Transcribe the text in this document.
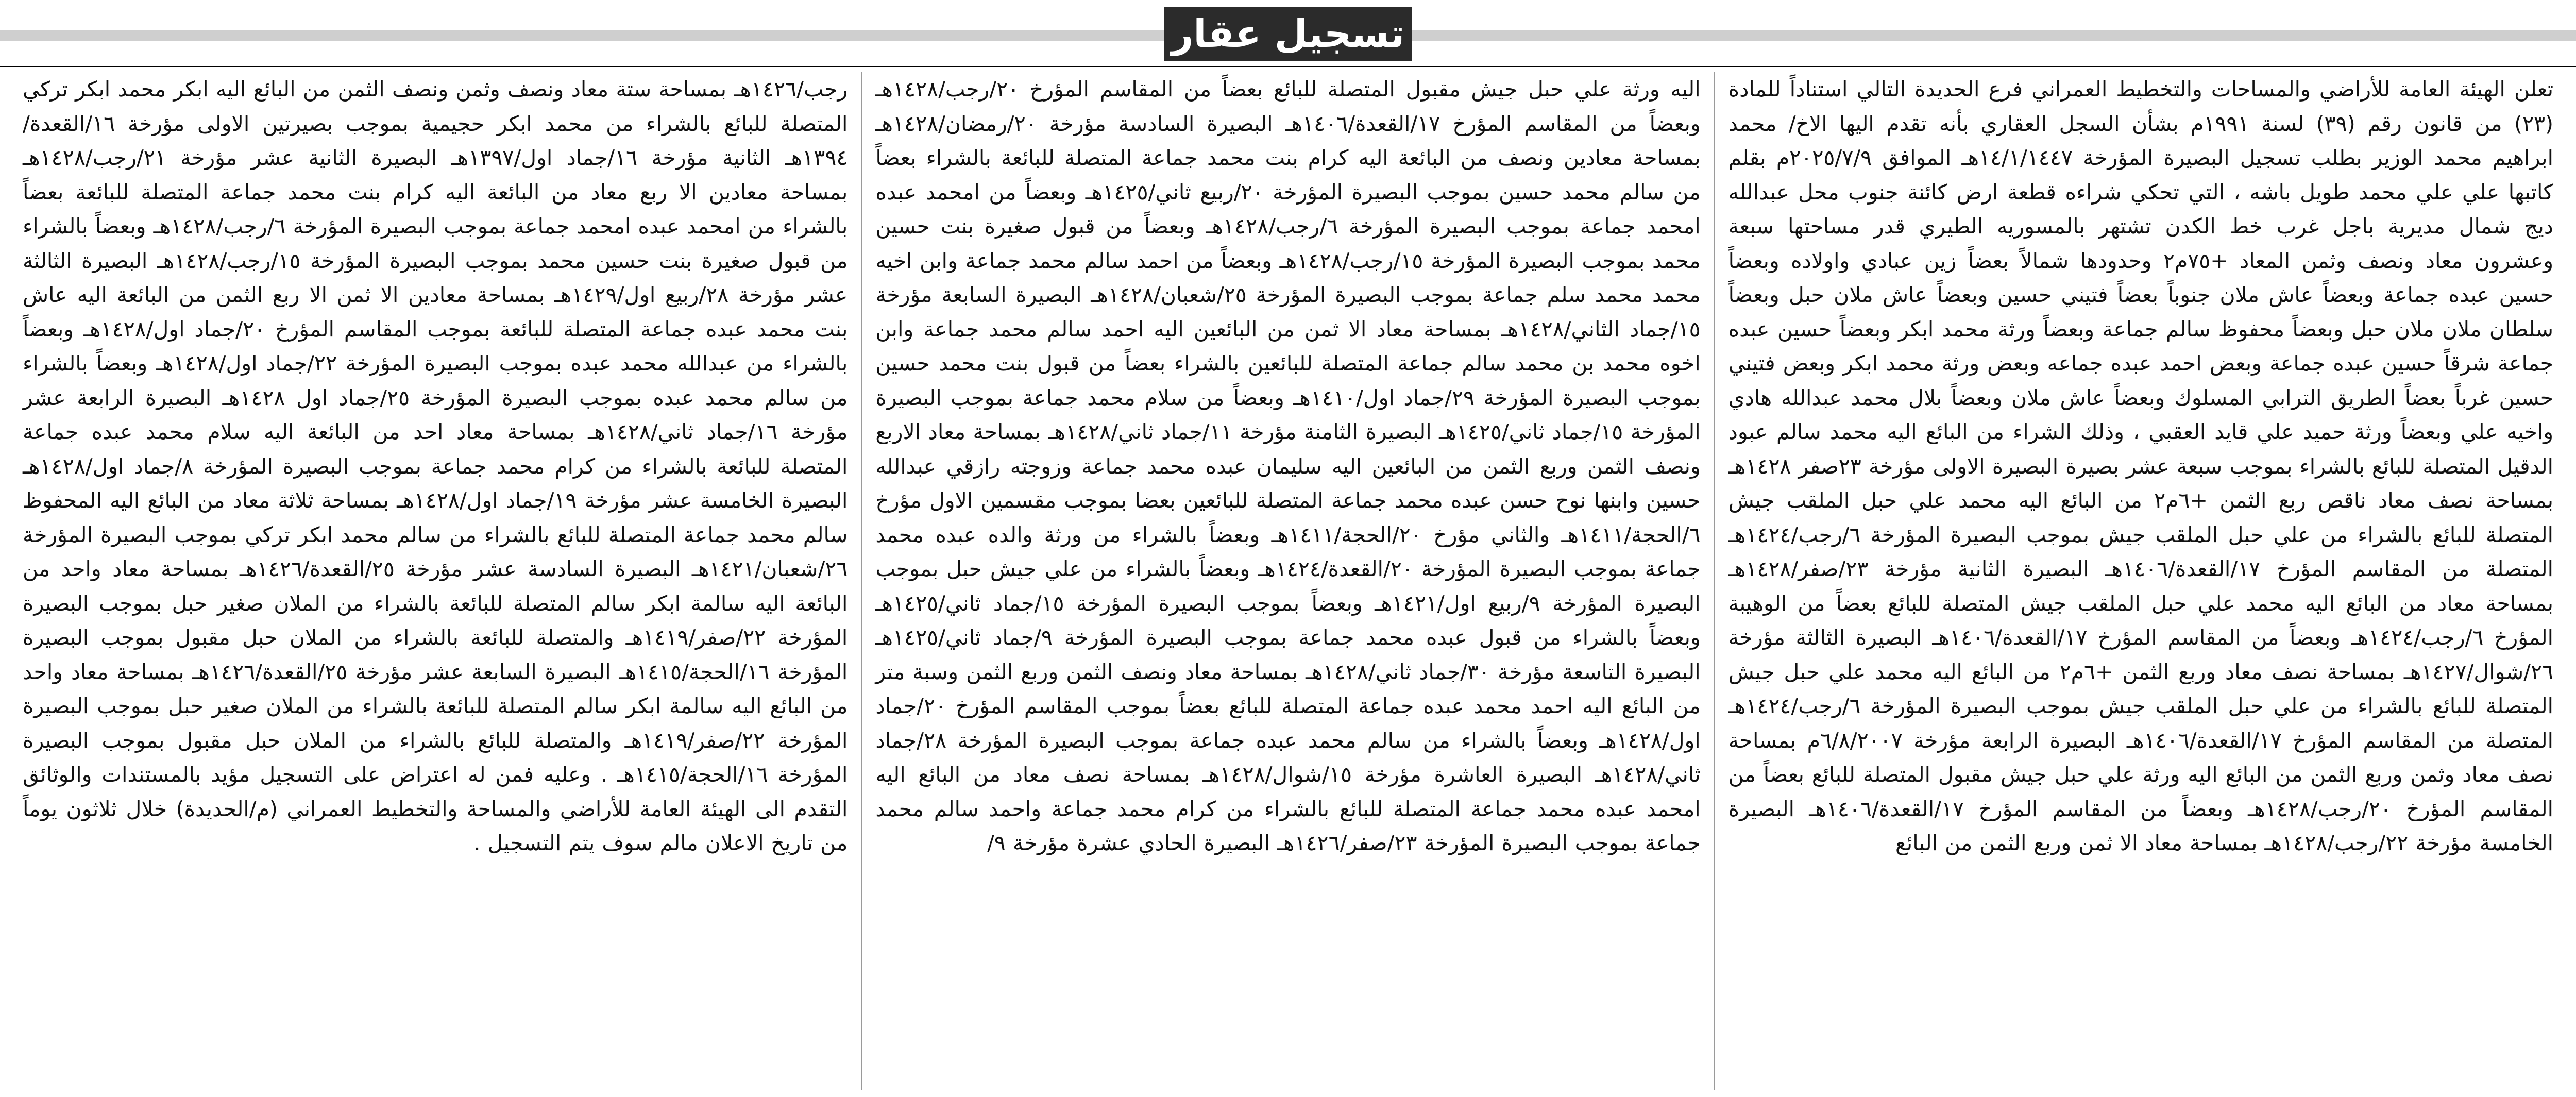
تسجيل عقار

تعلن الهيئة العامة للأراضي والمساحات والتخطيط العمراني فرع الحديدة التالي استناداً للمادة (٢٣) من قانون رقم (٣٩) لسنة ١٩٩١م بشأن السجل العقاري بأنه تقدم اليها الاخ/ محمد ابراهيم محمد الوزير بطلب تسجيل البصيرة المؤرخة ١٤/١/١٤٤٧هـ الموافق ٢٠٢٥/٧/٩م بقلم كاتبها علي علي محمد طويل باشه ، التي تحكي شراءه قطعة ارض كائنة جنوب محل عبدالله ديج شمال مديرية باجل غرب خط الكدن تشتهر بالمسوريه الطيري قدر مساحتها سبعة وعشرون معاد ونصف وثمن المعاد +٧٥م٢ وحدودها شمالاً بعضاً زين عبادي واولاده وبعضاً حسين عبده جماعة وبعضاً عاش ملان جنوباً بعضاً فتيني حسين وبعضاً عاش ملان حبل وبعضاً سلطان ملان ملان حبل وبعضاً محفوظ سالم جماعة وبعضاً ورثة محمد ابكر وبعضاً حسين عبده جماعة شرقاً حسين عبده جماعة وبعض احمد عبده جماعه وبعض ورثة محمد ابكر وبعض فتيني حسين غرباً بعضاً الطريق الترابي المسلوك وبعضاً عاش ملان وبعضاً بلال محمد عبدالله هادي واخيه علي وبعضاً ورثة حميد علي قايد العقبي ، وذلك الشراء من البائع اليه محمد سالم عبود الدقيل المتصلة للبائع بالشراء بموجب سبعة عشر بصيرة البصيرة الاولى مؤرخة ٢٣صفر ١٤٢٨هـ بمساحة نصف معاد ناقص ربع الثمن +٦م٢ من البائع اليه محمد علي حبل الملقب جيش المتصلة للبائع بالشراء من علي حبل الملقب جيش بموجب البصيرة المؤرخة ٦/رجب/١٤٢٤هـ المتصلة من المقاسم المؤرخ ١٧/القعدة/١٤٠٦هـ البصيرة الثانية مؤرخة ٢٣/صفر/١٤٢٨هـ بمساحة معاد من البائع اليه محمد علي حبل الملقب جيش المتصلة للبائع بعضاً من الوهيبة المؤرخ ٦/رجب/١٤٢٤هـ وبعضاً من المقاسم المؤرخ ١٧/القعدة/١٤٠٦هـ البصيرة الثالثة مؤرخة ٢٦/شوال/١٤٢٧هـ بمساحة نصف معاد وربع الثمن +٦م٢ من البائع اليه محمد علي حبل جيش المتصلة للبائع بالشراء من علي حبل الملقب جيش بموجب البصيرة المؤرخة ٦/رجب/١٤٢٤هـ المتصلة من المقاسم المؤرخ ١٧/القعدة/١٤٠٦هـ البصيرة الرابعة مؤرخة ٦/٨/٢٠٠٧م بمساحة نصف معاد وثمن وربع الثمن من البائع اليه ورثة علي حبل جيش مقبول المتصلة للبائع بعضاً من المقاسم المؤرخ ٢٠/رجب/١٤٢٨هـ وبعضاً من المقاسم المؤرخ ١٧/القعدة/١٤٠٦هـ البصيرة الخامسة مؤرخة ٢٢/رجب/١٤٢٨هـ بمساحة معاد الا ثمن وربع الثمن من البائع

اليه ورثة علي حبل جيش مقبول المتصلة للبائع بعضاً من المقاسم المؤرخ ٢٠/رجب/١٤٢٨هـ وبعضاً من المقاسم المؤرخ ١٧/القعدة/١٤٠٦هـ البصيرة السادسة مؤرخة ٢٠/رمضان/١٤٢٨هـ بمساحة معادين ونصف من البائعة اليه كرام بنت محمد جماعة المتصلة للبائعة بالشراء بعضاً من سالم محمد حسين بموجب البصيرة المؤرخة ٢٠/ربيع ثاني/١٤٢٥هـ وبعضاً من امحمد عبده امحمد جماعة بموجب البصيرة المؤرخة ٦/رجب/١٤٢٨هـ وبعضاً من قبول صغيرة بنت حسين محمد بموجب البصيرة المؤرخة ١٥/رجب/١٤٢٨هـ وبعضاً من احمد سالم محمد جماعة وابن اخيه محمد محمد سلم جماعة بموجب البصيرة المؤرخة ٢٥/شعبان/١٤٢٨هـ البصيرة السابعة مؤرخة ١٥/جماد الثاني/١٤٢٨هـ بمساحة معاد الا ثمن من البائعين اليه احمد سالم محمد جماعة وابن اخوه محمد بن محمد سالم جماعة المتصلة للبائعين بالشراء بعضاً من قبول بنت محمد حسين بموجب البصيرة المؤرخة ٢٩/جماد اول/١٤١٠هـ وبعضاً من سلام محمد جماعة بموجب البصيرة المؤرخة ١٥/جماد ثاني/١٤٢٥هـ البصيرة الثامنة مؤرخة ١١/جماد ثاني/١٤٢٨هـ بمساحة معاد الاربع ونصف الثمن وربع الثمن من البائعين اليه سليمان عبده محمد جماعة وزوجته رازقي عبدالله حسين وابنها نوح حسن عبده محمد جماعة المتصلة للبائعين بعضا بموجب مقسمين الاول مؤرخ ٦/الحجة/١٤١١هـ والثاني مؤرخ ٢٠/الحجة/١٤١١هـ وبعضاً بالشراء من ورثة والده عبده محمد جماعة بموجب البصيرة المؤرخة ٢٠/القعدة/١٤٢٤هـ وبعضاً بالشراء من علي جيش حبل بموجب البصيرة المؤرخة ٩/ربيع اول/١٤٢١هـ وبعضاً بموجب البصيرة المؤرخة ١٥/جماد ثاني/١٤٢٥هـ وبعضاً بالشراء من قبول عبده محمد جماعة بموجب البصيرة المؤرخة ٩/جماد ثاني/١٤٢٥هـ البصيرة التاسعة مؤرخة ٣٠/جماد ثاني/١٤٢٨هـ بمساحة معاد ونصف الثمن وربع الثمن وسبة متر من البائع اليه احمد محمد عبده جماعة المتصلة للبائع بعضاً بموجب المقاسم المؤرخ ٢٠/جماد اول/١٤٢٨هـ وبعضاً بالشراء من سالم محمد عبده جماعة بموجب البصيرة المؤرخة ٢٨/جماد ثاني/١٤٢٨هـ البصيرة العاشرة مؤرخة ١٥/شوال/١٤٢٨هـ بمساحة نصف معاد من البائع اليه امحمد عبده محمد جماعة المتصلة للبائع بالشراء من كرام محمد جماعة واحمد سالم محمد جماعة بموجب البصيرة المؤرخة ٢٣/صفر/١٤٢٦هـ البصيرة الحادي عشرة مؤرخة ٩/

رجب/١٤٢٦هـ بمساحة ستة معاد ونصف وثمن ونصف الثمن من البائع اليه ابكر محمد ابكر تركي المتصلة للبائع بالشراء من محمد ابكر حجيمية بموجب بصيرتين الاولى مؤرخة ١٦/القعدة/١٣٩٤هـ الثانية مؤرخة ١٦/جماد اول/١٣٩٧هـ البصيرة الثانية عشر مؤرخة ٢١/رجب/١٤٢٨هـ بمساحة معادين الا ربع معاد من البائعة اليه كرام بنت محمد جماعة المتصلة للبائعة بعضاً بالشراء من امحمد عبده امحمد جماعة بموجب البصيرة المؤرخة ٦/رجب/١٤٢٨هـ وبعضاً بالشراء من قبول صغيرة بنت حسين محمد بموجب البصيرة المؤرخة ١٥/رجب/١٤٢٨هـ البصيرة الثالثة عشر مؤرخة ٢٨/ربيع اول/١٤٢٩هـ بمساحة معادين الا ثمن الا ربع الثمن من البائعة اليه عاش بنت محمد عبده جماعة المتصلة للبائعة بموجب المقاسم المؤرخ ٢٠/جماد اول/١٤٢٨هـ وبعضاً بالشراء من عبدالله محمد عبده بموجب البصيرة المؤرخة ٢٢/جماد اول/١٤٢٨هـ وبعضاً بالشراء من سالم محمد عبده بموجب البصيرة المؤرخة ٢٥/جماد اول ١٤٢٨هـ البصيرة الرابعة عشر مؤرخة ١٦/جماد ثاني/١٤٢٨هـ بمساحة معاد احد من البائعة اليه سلام محمد عبده جماعة المتصلة للبائعة بالشراء من كرام محمد جماعة بموجب البصيرة المؤرخة ٨/جماد اول/١٤٢٨هـ البصيرة الخامسة عشر مؤرخة ١٩/جماد اول/١٤٢٨هـ بمساحة ثلاثة معاد من البائع اليه المحفوظ سالم محمد جماعة المتصلة للبائع بالشراء من سالم محمد ابكر تركي بموجب البصيرة المؤرخة ٢٦/شعبان/١٤٢١هـ البصيرة السادسة عشر مؤرخة ٢٥/القعدة/١٤٢٦هـ بمساحة معاد واحد من البائعة اليه سالمة ابكر سالم المتصلة للبائعة بالشراء من الملان صغير حبل بموجب البصيرة المؤرخة ٢٢/صفر/١٤١٩هـ والمتصلة للبائعة بالشراء من الملان حبل مقبول بموجب البصيرة المؤرخة ١٦/الحجة/١٤١٥هـ البصيرة السابعة عشر مؤرخة ٢٥/القعدة/١٤٢٦هـ بمساحة معاد واحد من البائع اليه سالمة ابكر سالم المتصلة للبائعة بالشراء من الملان صغير حبل بموجب البصيرة المؤرخة ٢٢/صفر/١٤١٩هـ والمتصلة للبائع بالشراء من الملان حبل مقبول بموجب البصيرة المؤرخة ١٦/الحجة/١٤١٥هـ . وعليه فمن له اعتراض على التسجيل مؤيد بالمستندات والوثائق التقدم الى الهيئة العامة للأراضي والمساحة والتخطيط العمراني (م/الحديدة) خلال ثلاثون يوماً من تاريخ الاعلان مالم سوف يتم التسجيل .
